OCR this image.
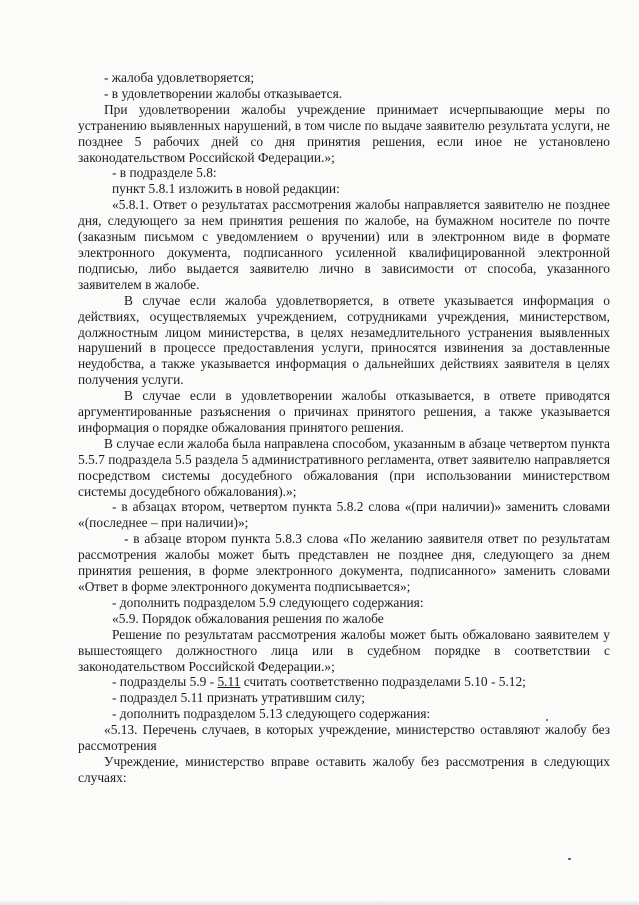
- жалоба удовлетворяется;

- в удовлетворении жалобы отказывается.

При удовлетворении жалобы учреждение принимает исчерпывающие меры по устранению выявленных нарушений, в том числе по выдаче заявителю результата услуги, не позднее 5 рабочих дней со дня принятия решения, если иное не установлено законодательством Российской Федерации.»;

- в подразделе 5.8:

пункт 5.8.1 изложить в новой редакции:

«5.8.1. Ответ о результатах рассмотрения жалобы направляется заявителю не позднее дня, следующего за нем принятия решения по жалобе, на бумажном носителе по почте (заказным письмом с уведомлением о вручении) или в электронном виде в формате электронного документа, подписанного усиленной квалифицированной электронной подписью, либо выдается заявителю лично в зависимости от способа, указанного заявителем в жалобе.

В случае если жалоба удовлетворяется, в ответе указывается информация о действиях, осуществляемых учреждением, сотрудниками учреждения, министерством, должностным лицом министерства, в целях незамедлительного устранения выявленных нарушений в процессе предоставления услуги, приносятся извинения за доставленные неудобства, а также указывается информация о дальнейших действиях заявителя в целях получения услуги.

В случае если в удовлетворении жалобы отказывается, в ответе приводятся аргументированные разъяснения о причинах принятого решения, а также указывается информация о порядке обжалования принятого решения.

В случае если жалоба была направлена способом, указанным в абзаце четвертом пункта 5.5.7 подраздела 5.5 раздела 5 административного регламента, ответ заявителю направляется посредством системы досудебного обжалования (при использовании министерством системы досудебного обжалования).»;

- в абзацах втором, четвертом пункта 5.8.2 слова «(при наличии)» заменить словами «(последнее – при наличии)»;

- в абзаце втором пункта 5.8.3 слова «По желанию заявителя ответ по результатам рассмотрения жалобы может быть представлен не позднее дня, следующего за днем принятия решения, в форме электронного документа, подписанного» заменить словами «Ответ в форме электронного документа подписывается»;

- дополнить подразделом 5.9 следующего содержания:

«5.9. Порядок обжалования решения по жалобе

Решение по результатам рассмотрения жалобы может быть обжаловано заявителем у вышестоящего должностного лица или в судебном порядке в соответствии с законодательством Российской Федерации.»;

- подразделы 5.9 - 5.11 считать соответственно подразделами 5.10 - 5.12;

- подраздел 5.11 признать утратившим силу;

- дополнить подразделом 5.13 следующего содержания:

«5.13. Перечень случаев, в которых учреждение, министерство оставляют жалобу без рассмотрения

Учреждение, министерство вправе оставить жалобу без рассмотрения в следующих случаях:
